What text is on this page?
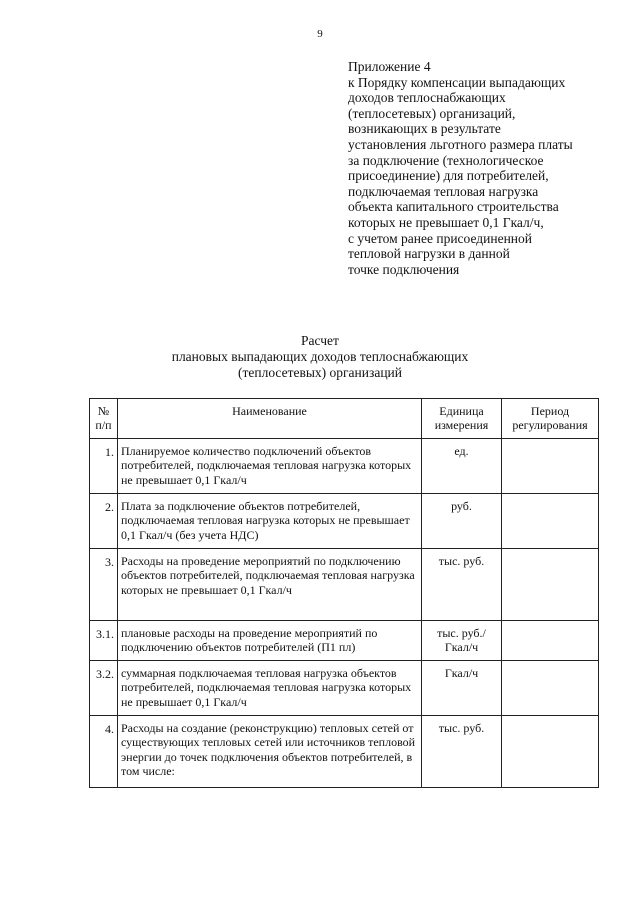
9
Приложение 4
к Порядку компенсации выпадающих
доходов теплоснабжающих
(теплосетевых) организаций,
возникающих в результате
установления льготного размера платы
за подключение (технологическое
присоединение) для потребителей,
подключаемая тепловая нагрузка
объекта капитального строительства
которых не превышает 0,1 Гкал/ч,
с учетом ранее присоединенной
тепловой нагрузки в данной
точке подключения
Расчет
плановых выпадающих доходов теплоснабжающих
(теплосетевых) организаций
№ п/п	Наименование	Единица измерения	Период регулирования
1.	Планируемое количество подключений объектов потребителей, подключаемая тепловая нагрузка которых не превышает 0,1 Гкал/ч	ед.	
2.	Плата за подключение объектов потребителей, подключаемая тепловая нагрузка которых не превышает 0,1 Гкал/ч (без учета НДС)	руб.	
3.	Расходы на проведение мероприятий по подключению объектов потребителей, подключаемая тепловая нагрузка которых не превышает 0,1 Гкал/ч	тыс. руб.	
3.1.	плановые расходы на проведение мероприятий по подключению объектов потребителей (П1 пл)	тыс. руб./ Гкал/ч	
3.2.	суммарная подключаемая тепловая нагрузка объектов потребителей, подключаемая тепловая нагрузка которых не превышает 0,1 Гкал/ч	Гкал/ч	
4.	Расходы на создание (реконструкцию) тепловых сетей от существующих тепловых сетей или источников тепловой энергии до точек подключения объектов потребителей, в том числе:	тыс. руб.	
